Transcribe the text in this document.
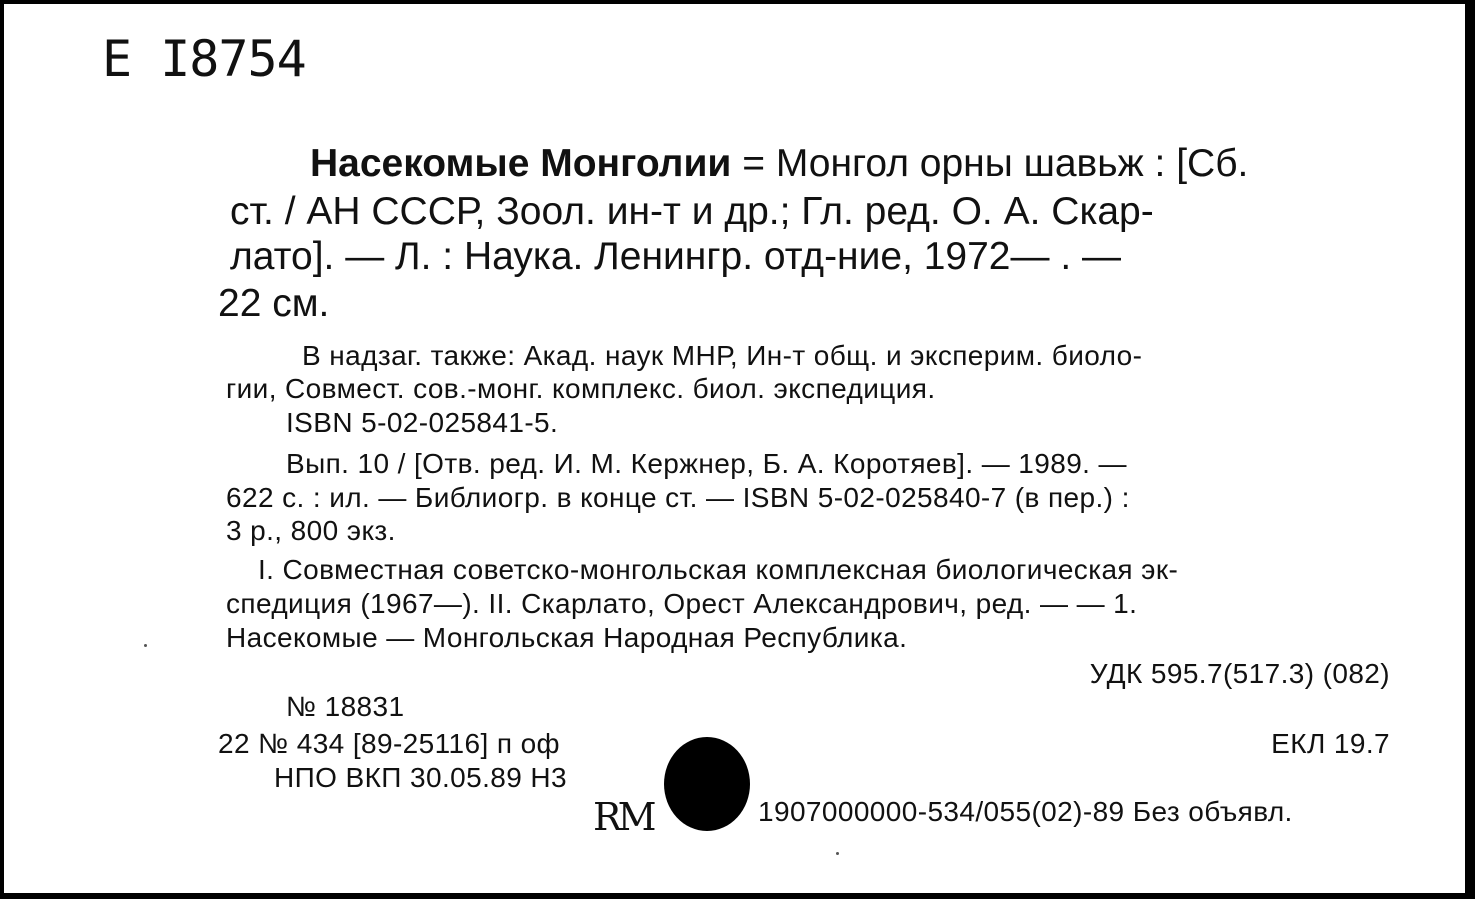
Е I8754
Насекомые Монголии = Монгол орны шавьж : [Сб.
ст. / АН СССР, Зоол. ин-т и др.; Гл. ред. О. А. Скар-
лато]. — Л. : Наука. Ленингр. отд-ние, 1972— . —
22 см.
В надзаг. также: Акад. наук МНР, Ин-т общ. и эксперим. биоло-
гии, Совмест. сов.-монг. комплекс. биол. экспедиция.
ISBN 5-02-025841-5.
Вып. 10 / [Отв. ред. И. М. Кержнер, Б. А. Коротяев]. — 1989. —
622 с. : ил. — Библиогр. в конце ст. — ISBN 5-02-025840-7 (в пер.) :
3 р., 800 экз.
I. Совместная советско-монгольская комплексная биологическая эк-
спедиция (1967—). II. Скарлато, Орест Александрович, ред. — — 1.
Насекомые — Монгольская Народная Республика.
УДК 595.7(517.3) (082)
№ 18831
22 № 434 [89-25116] п оф	ЕКЛ 19.7
НПО ВКП 30.05.89 Н3
RM	1907000000-534/055(02)-89 Без объявл.
